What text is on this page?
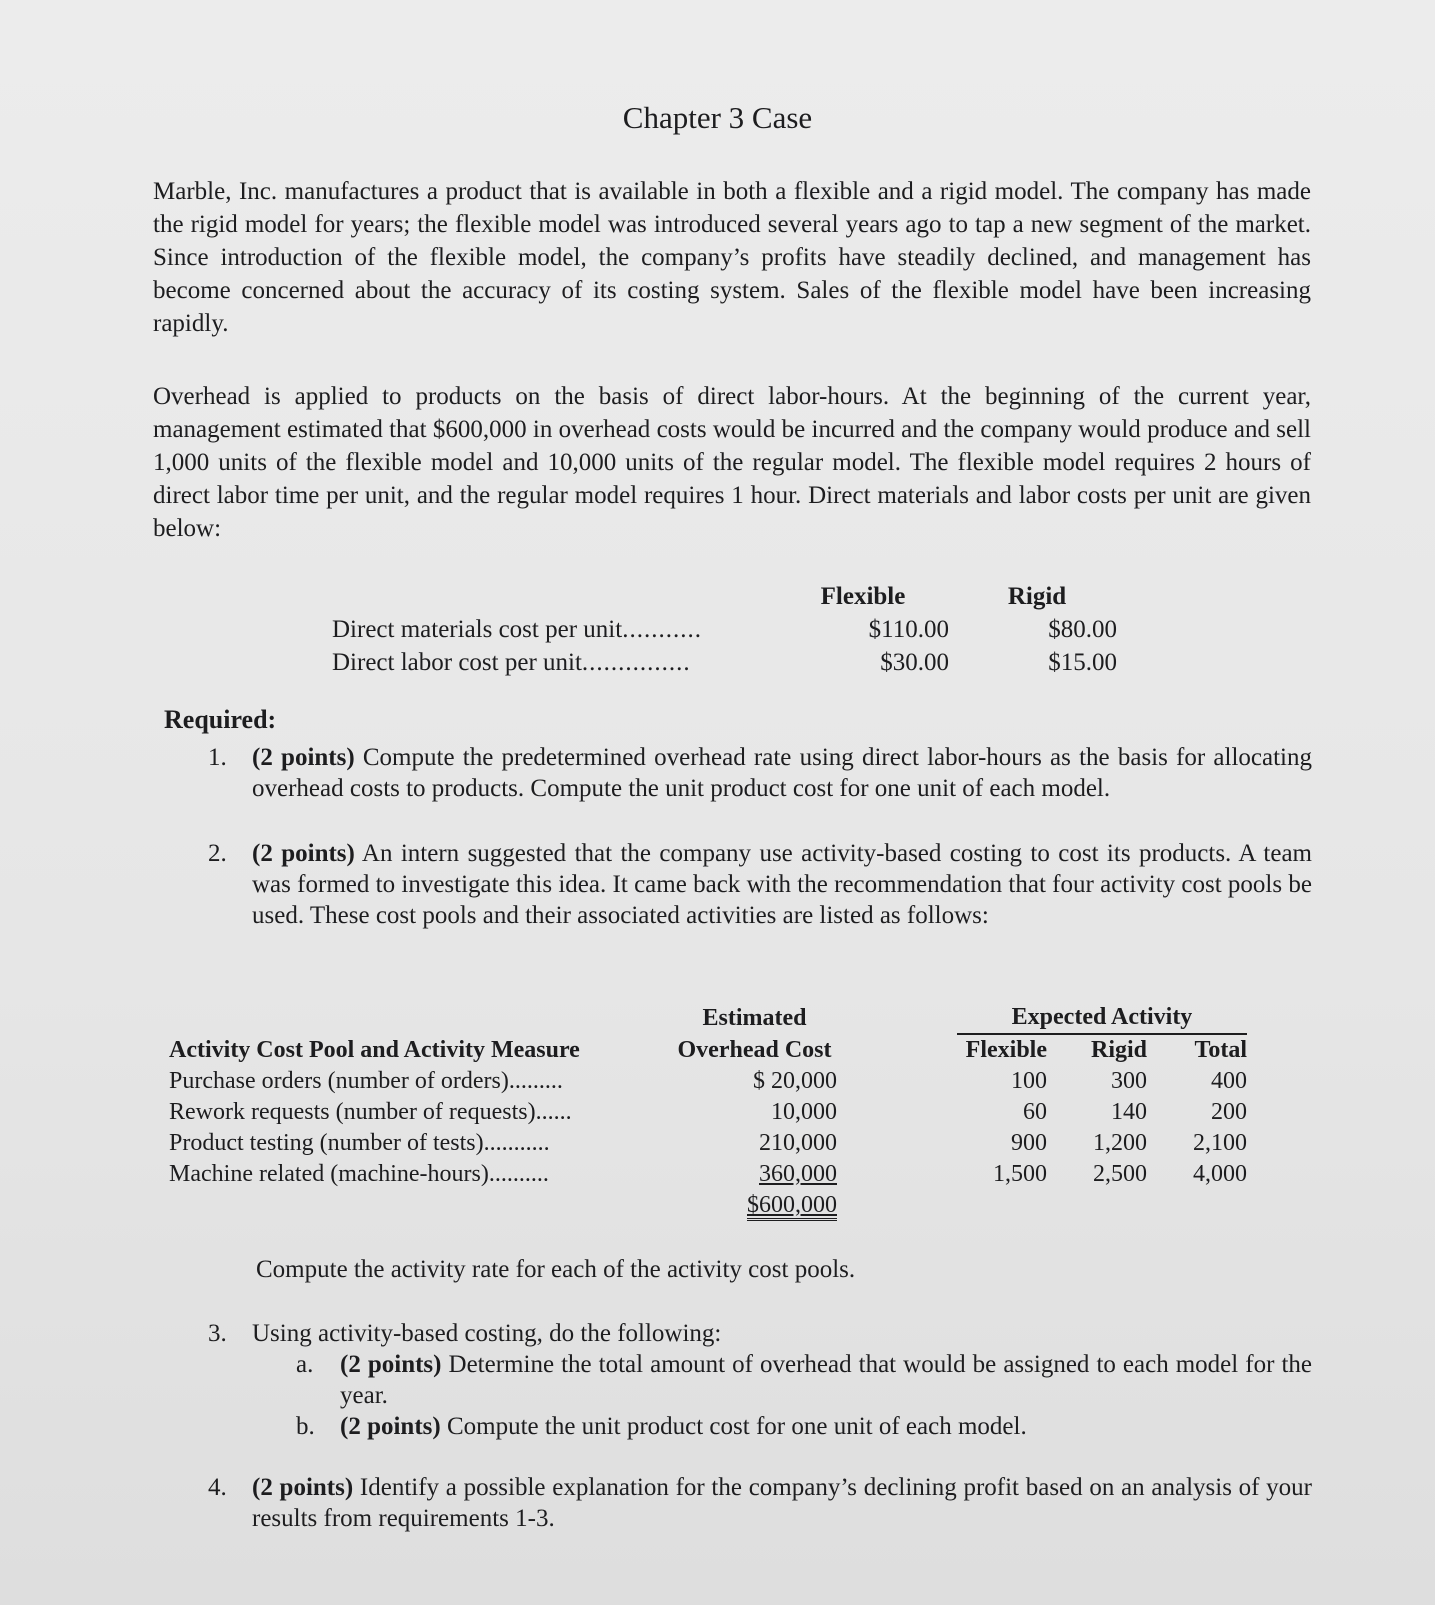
Chapter 3 Case

Marble, Inc. manufactures a product that is available in both a flexible and a rigid model. The company has made the rigid model for years; the flexible model was introduced several years ago to tap a new segment of the market. Since introduction of the flexible model, the company’s profits have steadily declined, and management has become concerned about the accuracy of its costing system. Sales of the flexible model have been increasing rapidly.

Overhead is applied to products on the basis of direct labor-hours. At the beginning of the current year, management estimated that $600,000 in overhead costs would be incurred and the company would produce and sell 1,000 units of the flexible model and 10,000 units of the regular model. The flexible model requires 2 hours of direct labor time per unit, and the regular model requires 1 hour. Direct materials and labor costs per unit are given below:

	Flexible	Rigid
Direct materials cost per unit...........	$110.00	$80.00
Direct labor cost per unit...............	$30.00	$15.00
Required:
1. (2 points) Compute the predetermined overhead rate using direct labor-hours as the basis for allocating overhead costs to products. Compute the unit product cost for one unit of each model.
2. (2 points) An intern suggested that the company use activity-based costing to cost its products. A team was formed to investigate this idea. It came back with the recommendation that four activity cost pools be used. These cost pools and their associated activities are listed as follows:
	Estimated		Expected Activity		
Activity Cost Pool and Activity Measure	Overhead Cost		Flexible	Rigid	Total
Purchase orders (number of orders).........	$ 20,000		100	300	400
Rework requests (number of requests)......	10,000		60	140	200
Product testing (number of tests)...........	210,000		900	1,200	2,100
Machine related (machine-hours)..........	360,000		1,500	2,500	4,000
	$600,000				
Compute the activity rate for each of the activity cost pools.
3. Using activity-based costing, do the following:
a. (2 points) Determine the total amount of overhead that would be assigned to each model for the year.
b. (2 points) Compute the unit product cost for one unit of each model.
4. (2 points) Identify a possible explanation for the company’s declining profit based on an analysis of your results from requirements 1-3.
